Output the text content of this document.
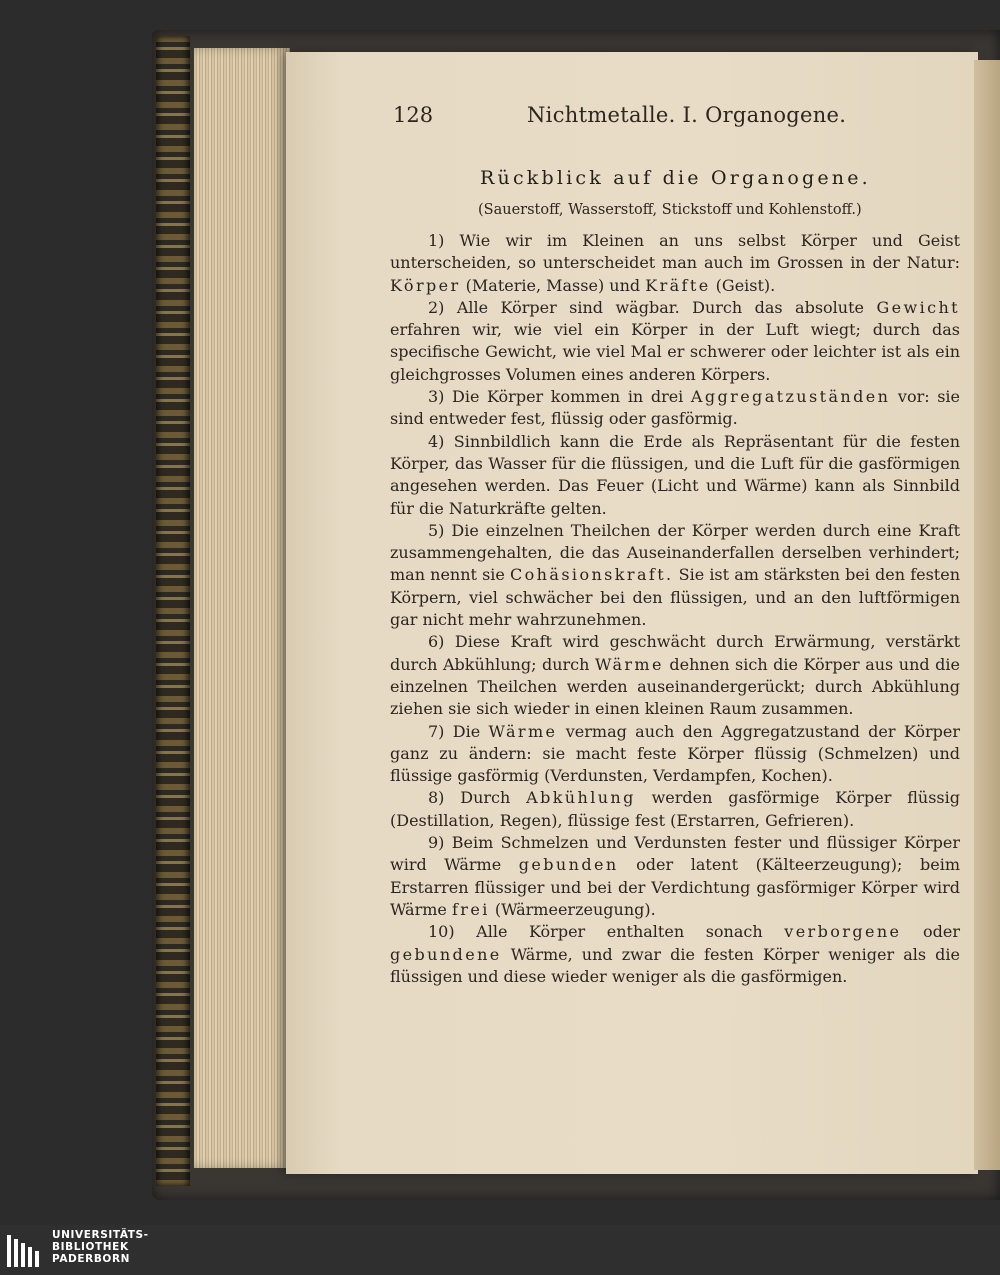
128	Nichtmetalle. I. Organogene.
Rückblick auf die Organogene.
(Sauerstoff, Wasserstoff, Stickstoff und Kohlenstoff.)

1) Wie wir im Kleinen an uns selbst Körper und Geist unterscheiden, so unterscheidet man auch im Grossen in der Natur: Körper (Materie, Masse) und Kräfte (Geist).

2) Alle Körper sind wägbar. Durch das absolute Gewicht erfahren wir, wie viel ein Körper in der Luft wiegt; durch das specifische Gewicht, wie viel Mal er schwerer oder leichter ist als ein gleichgrosses Volumen eines anderen Körpers.

3) Die Körper kommen in drei Aggregatzuständen vor: sie sind entweder fest, flüssig oder gasförmig.

4) Sinnbildlich kann die Erde als Repräsentant für die festen Körper, das Wasser für die flüssigen, und die Luft für die gasförmigen angesehen werden. Das Feuer (Licht und Wärme) kann als Sinnbild für die Naturkräfte gelten.

5) Die einzelnen Theilchen der Körper werden durch eine Kraft zusammengehalten, die das Auseinanderfallen derselben verhindert; man nennt sie Cohäsionskraft. Sie ist am stärksten bei den festen Körpern, viel schwächer bei den flüssigen, und an den luftförmigen gar nicht mehr wahrzunehmen.

6) Diese Kraft wird geschwächt durch Erwärmung, verstärkt durch Abkühlung; durch Wärme dehnen sich die Körper aus und die einzelnen Theilchen werden auseinandergerückt; durch Abkühlung ziehen sie sich wieder in einen kleinen Raum zusammen.

7) Die Wärme vermag auch den Aggregatzustand der Körper ganz zu ändern: sie macht feste Körper flüssig (Schmelzen) und flüssige gasförmig (Verdunsten, Verdampfen, Kochen).

8) Durch Abkühlung werden gasförmige Körper flüssig (Destillation, Regen), flüssige fest (Erstarren, Gefrieren).

9) Beim Schmelzen und Verdunsten fester und flüssiger Körper wird Wärme gebunden oder latent (Kälteerzeugung); beim Erstarren flüssiger und bei der Verdichtung gasförmiger Körper wird Wärme frei (Wärmeerzeugung).

10) Alle Körper enthalten sonach verborgene oder gebundene Wärme, und zwar die festen Körper weniger als die flüssigen und diese wieder weniger als die gasförmigen.

UNIVERSITÄTS-
BIBLIOTHEK
PADERBORN
